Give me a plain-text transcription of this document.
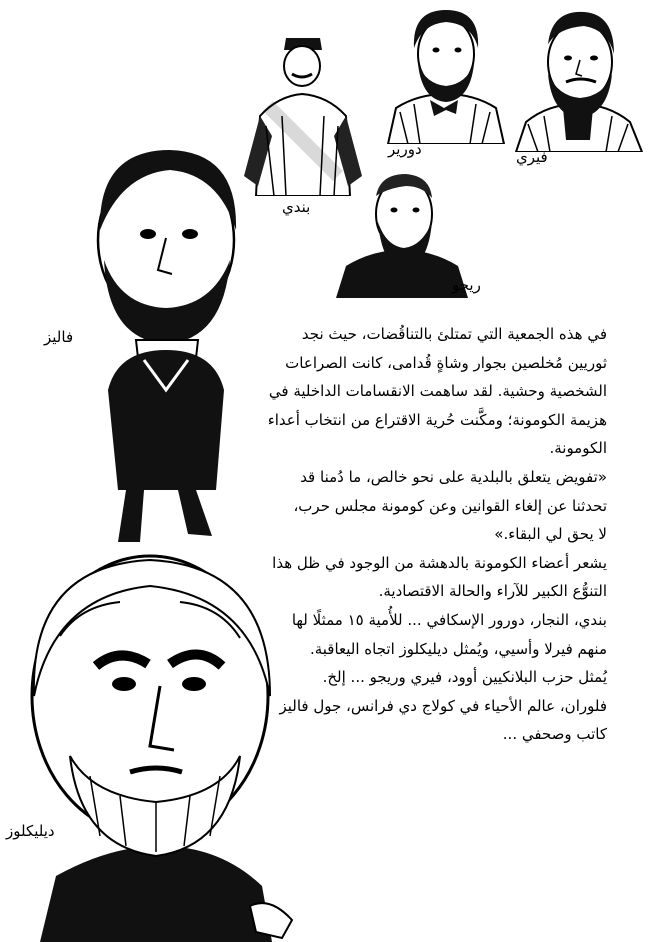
فيري
دورير
بندي
ريجو
فاليز
ديليكلوز

في هذه الجمعية التي تمتلئ بالتناقُضات، حيث نجد

ثوريين مُخلصين بجوار وشاةٍ قُدامى، كانت الصراعات

الشخصية وحشية. لقد ساهمت الانقسامات الداخلية في

هزيمة الكومونة؛ ومكَّنت حُرية الاقتراع من انتخاب أعداء

الكومونة.

«تفويض يتعلق بالبلدية على نحو خالص، ما دُمنا قد

تحدثنا عن إلغاء القوانين وعن كومونة مجلس حرب،

لا يحق لي البقاء.»

يشعر أعضاء الكومونة بالدهشة من الوجود في ظل هذا

التنوُّع الكبير للآراء والحالة الاقتصادية.

بندي، النجار، دورور الإسكافي ... للأُمية ١٥ ممثلًا لها

منهم فيرلا وأسيي، ويُمثل ديليكلوز اتجاه اليعاقبة.

يُمثل حزب البلانكيين أوود، فيري وريجو ... إلخ.

فلوران، عالم الأحياء في كولاج دي فرانس، جول فاليز

كاتب وصحفي ...
